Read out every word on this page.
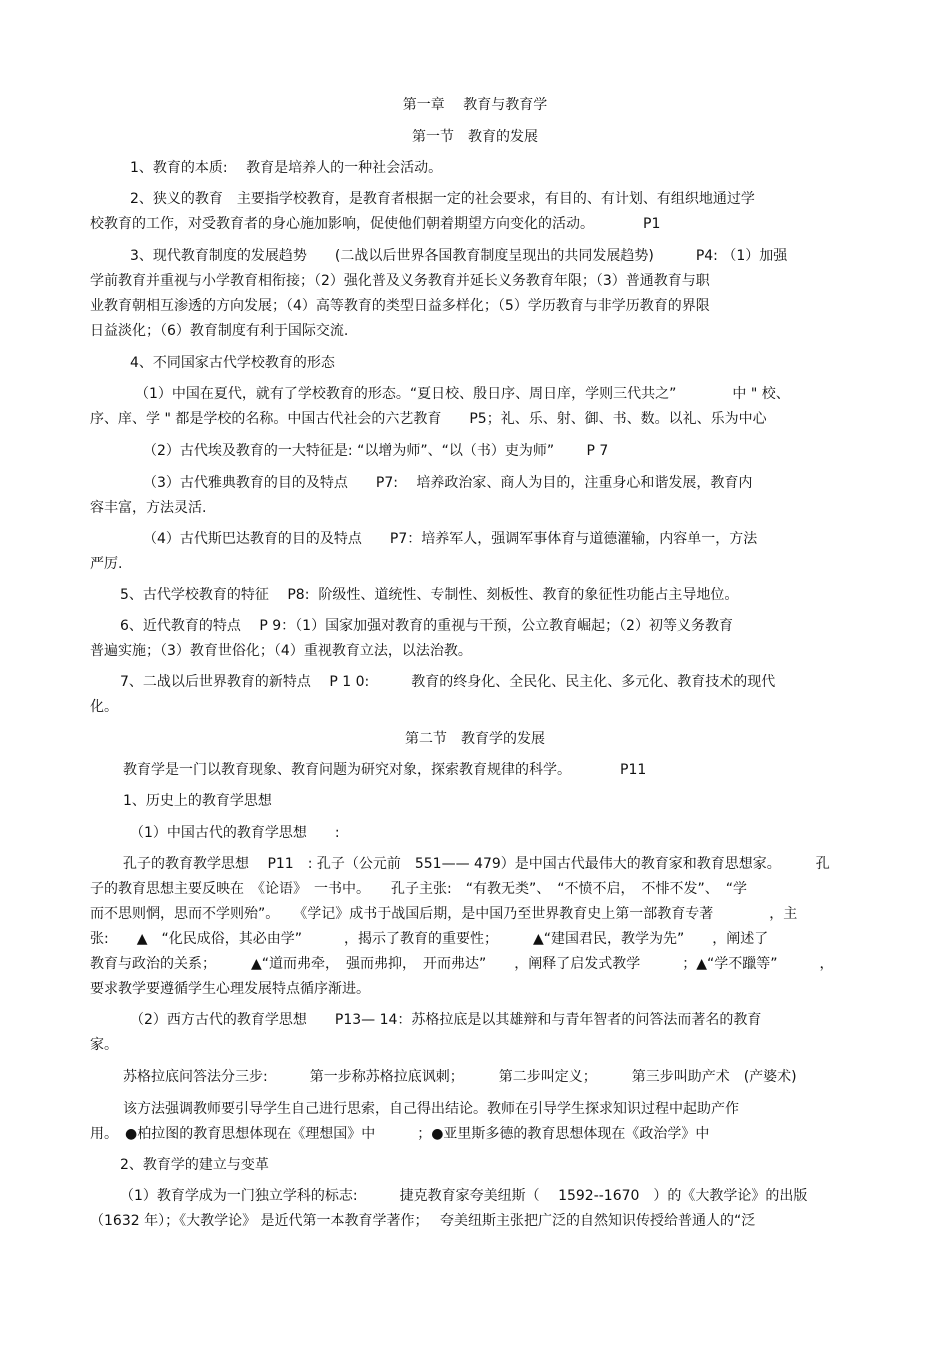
第一章　 教育与教育学
第一节　教育的发展
1、教育的本质:　 教育是培养人的一种社会活动。
2、狭义的教育　主要指学校教育，是教育者根据一定的社会要求，有目的、有计划、有组织地通过学
校教育的工作，对受教育者的身心施加影响，促使他们朝着期望方向变化的活动。　　　　P1
3、现代教育制度的发展趋势　　(二战以后世界各国教育制度呈现出的共同发展趋势)　　　P4: （1）加强
学前教育并重视与小学教育相衔接；（2）强化普及义务教育并延长义务教育年限；（3）普通教育与职
业教育朝相互渗透的方向发展；（4）高等教育的类型日益多样化；（5）学历教育与非学历教育的界限
日益淡化；（6）教育制度有利于国际交流.
4、不同国家古代学校教育的形态
（1）中国在夏代，就有了学校教育的形态。“夏日校、殷日序、周日庠，学则三代共之”　　　　中 " 校、
序、庠、学 " 都是学校的名称。中国古代社会的六艺教育　　P5；礼、乐、射、御、书、数。以礼、乐为中心
（2）古代埃及教育的一大特征是: “以增为师”、“以（书）吏为师”　　 P 7
（3）古代雅典教育的目的及特点　　P7:　 培养政治家、商人为目的，注重身心和谐发展，教育内
容丰富，方法灵活.
（4）古代斯巴达教育的目的及特点　　P7：培养军人，强调军事体育与道德灌输，内容单一，方法
严厉.
5、古代学校教育的特征　 P8:  阶级性、道统性、专制性、刻板性、教育的象征性功能占主导地位。
6、近代教育的特点　 P 9：（1）国家加强对教育的重视与干预，公立教育崛起；（2）初等义务教育
普遍实施；（3）教育世俗化；（4）重视教育立法，以法治教。
7、二战以后世界教育的新特点　 P 1 0:　　　教育的终身化、全民化、民主化、多元化、教育技术的现代
化。
第二节　教育学的发展
教育学是一门以教育现象、教育问题为研究对象，探索教育规律的科学。　　　　P11
1、历史上的教育学思想
（1）中国古代的教育学思想　　:
孔子的教育教学思想　 P11　: 孔子（公元前　551—— 479）是中国古代最伟大的教育家和教育思想家。　　　孔
子的教育思想主要反映在　《论语》　一书中。　　孔子主张:　“有教无类”、　“不愤不启，　不悱不发”、　“学
而不思则惘，思而不学则殆”。　　《学记》成书于战国后期，是中国乃至世界教育史上第一部教育专著　　　　，主
张:　　▲　“化民成俗，其必由学”　　　，揭示了教育的重要性；　　　▲“建国君民，教学为先”　　，阐述了
教育与政治的关系；　　　▲“道而弗牵，　强而弗抑，　开而弗达”　　，阐释了启发式教学　　　；▲“学不躐等”　　　，
要求教学要遵循学生心理发展特点循序渐进。
（2）西方古代的教育学思想　　P13— 14：苏格拉底是以其雄辩和与青年智者的问答法而著名的教育
家。
苏格拉底问答法分三步:　　　第一步称苏格拉底讽刺；　　　第二步叫定义；　　　第三步叫助产术　(产婆术)
该方法强调教师要引导学生自己进行思索，自己得出结论。教师在引导学生探求知识过程中起助产作
用。　●柏拉图的教育思想体现在《理想国》中　　　；●亚里斯多德的教育思想体现在《政治学》中
2、教育学的建立与变革
（1）教育学成为一门独立学科的标志:　　　捷克教育家夸美纽斯（　 1592--1670　）的《大教学论》的出版
（1632 年）；《大教学论》 是近代第一本教育学著作；　 夸美纽斯主张把广泛的自然知识传授给普通人的“泛
